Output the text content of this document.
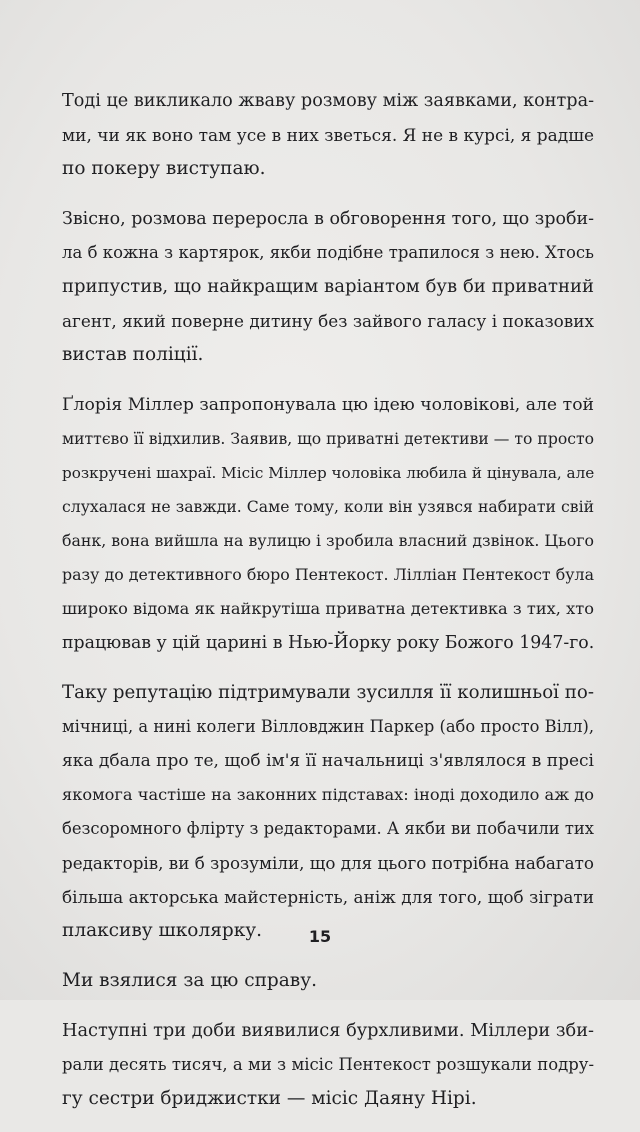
Тоді це викликало жваву розмову між заявками, контра-
ми, чи як воно там усе в них зветься. Я не в курсі, я радше
по покеру виступаю.
Звісно, розмова переросла в обговорення того, що зроби-
ла б кожна з картярок, якби подібне трапилося з нею. Хтось
припустив, що найкращим варіантом був би приватний
агент, який поверне дитину без зайвого галасу і показових
вистав поліції.
Ґлорія Міллер запропонувала цю ідею чоловікові, але той
миттєво її відхилив. Заявив, що приватні детективи — то просто
розкручені шахраї. Місіс Міллер чоловіка любила й цінувала, але
слухалася не завжди. Саме тому, коли він узявся набирати свій
банк, вона вийшла на вулицю і зробила власний дзвінок. Цього
разу до детективного бюро Пентекост. Лілліан Пентекост була
широко відома як найкрутіша приватна детективка з тих, хто
працював у цій царині в Нью-Йорку року Божого 1947-го.
Таку репутацію підтримували зусилля її колишньої по-
мічниці, а нині колеги Вілловджин Паркер (або просто Вілл),
яка дбала про те, щоб ім'я її начальниці з'являлося в пресі
якомога частіше на законних підставах: іноді доходило аж до
безсоромного флірту з редакторами. А якби ви побачили тих
редакторів, ви б зрозуміли, що для цього потрібна набагато
більша акторська майстерність, аніж для того, щоб зіграти
плаксиву школярку.
Ми взялися за цю справу.
Наступні три доби виявилися бурхливими. Міллери зби-
рали десять тисяч, а ми з місіс Пентекост розшукали подру-
гу сестри бриджистки — місіс Даяну Нірі.
15
